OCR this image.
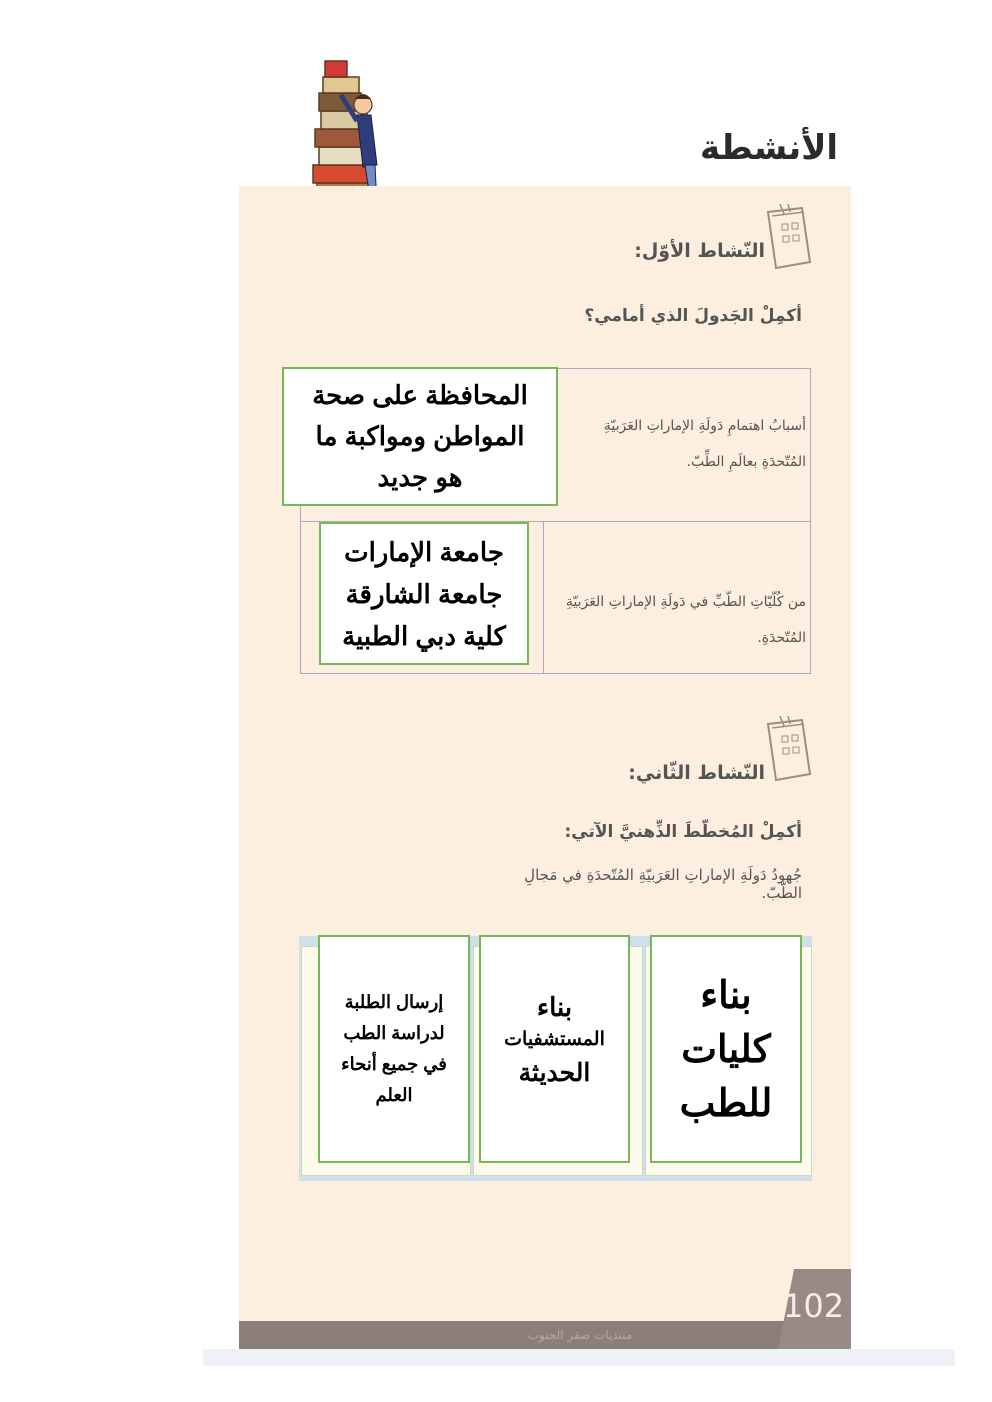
الأنشطة
النّشاط الأوّل:
أكمِلْ الجَدولَ الذي أمامي؟
أسبابُ اهتمامِ دَولَةِ الإماراتِ العَرَبيّةِ المُتّحدَةِ بعالَمِ الطِّبّ.
من كُلّيّاتِ الطّبِّ في دَولَةِ الإماراتِ العَرَبيّةِ المُتّحدَةِ.
المحافظة على صحة
المواطن ومواكبة ما
هو جديد
جامعة الإمارات
جامعة الشارقة
كلية دبي الطبية
النّشاط الثّاني:
أكمِلْ المُخطّطَ الذِّهنيَّ الآتي:
جُهودُ دَولَةِ الإماراتِ العَرَبيّةِ المُتّحدَةِ في مَجالِ الطّبّ.
بناء
كليات
للطب
بناء
المستشفيات
الحديثة
إرسال الطلبة
لدراسة الطب
في جميع أنحاء
العلم
102
منتديات صقر الجنوب
